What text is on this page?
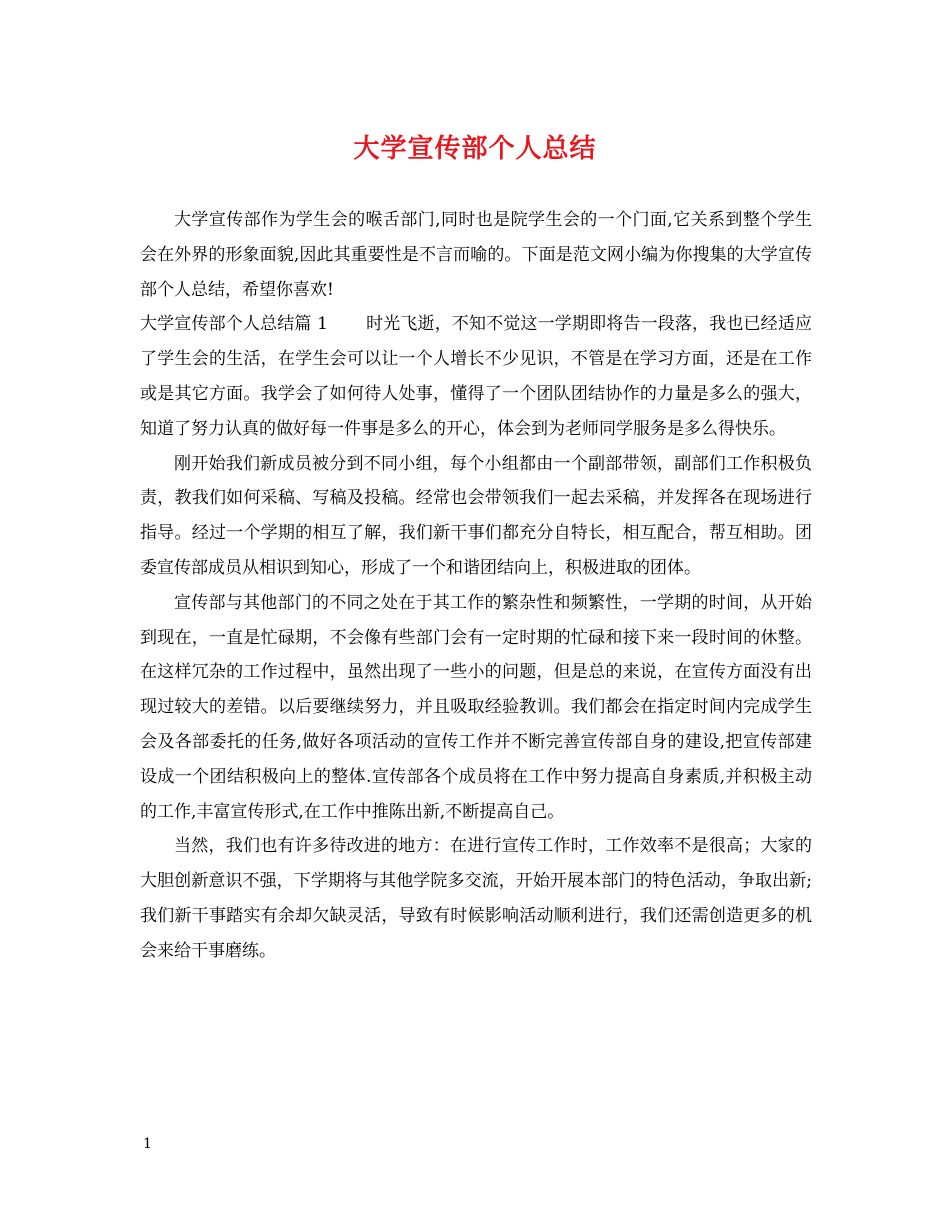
大学宣传部个人总结

大学宣传部作为学生会的喉舌部门,同时也是院学生会的一个门面,它关系到整个学生会在外界的形象面貌,因此其重要性是不言而喻的。下面是范文网小编为你搜集的大学宣传部个人总结，希望你喜欢!

大学宣传部个人总结篇 1 时光飞逝，不知不觉这一学期即将告一段落，我也已经适应了学生会的生活，在学生会可以让一个人增长不少见识，不管是在学习方面，还是在工作或是其它方面。我学会了如何待人处事，懂得了一个团队团结协作的力量是多么的强大，知道了努力认真的做好每一件事是多么的开心，体会到为老师同学服务是多么得快乐。

刚开始我们新成员被分到不同小组，每个小组都由一个副部带领，副部们工作积极负责，教我们如何采稿、写稿及投稿。经常也会带领我们一起去采稿，并发挥各在现场进行指导。经过一个学期的相互了解，我们新干事们都充分自特长，相互配合，帮互相助。团委宣传部成员从相识到知心，形成了一个和谐团结向上，积极进取的团体。

宣传部与其他部门的不同之处在于其工作的繁杂性和频繁性，一学期的时间，从开始到现在，一直是忙碌期，不会像有些部门会有一定时期的忙碌和接下来一段时间的休整。在这样冗杂的工作过程中，虽然出现了一些小的问题，但是总的来说，在宣传方面没有出现过较大的差错。以后要继续努力，并且吸取经验教训。我们都会在指定时间内完成学生会及各部委托的任务,做好各项活动的宣传工作并不断完善宣传部自身的建设,把宣传部建设成一个团结积极向上的整体.宣传部各个成员将在工作中努力提高自身素质,并积极主动的工作,丰富宣传形式,在工作中推陈出新,不断提高自己。

当然，我们也有许多待改进的地方：在进行宣传工作时，工作效率不是很高；大家的大胆创新意识不强，下学期将与其他学院多交流，开始开展本部门的特色活动，争取出新;我们新干事踏实有余却欠缺灵活，导致有时候影响活动顺利进行，我们还需创造更多的机会来给干事磨练。

1
